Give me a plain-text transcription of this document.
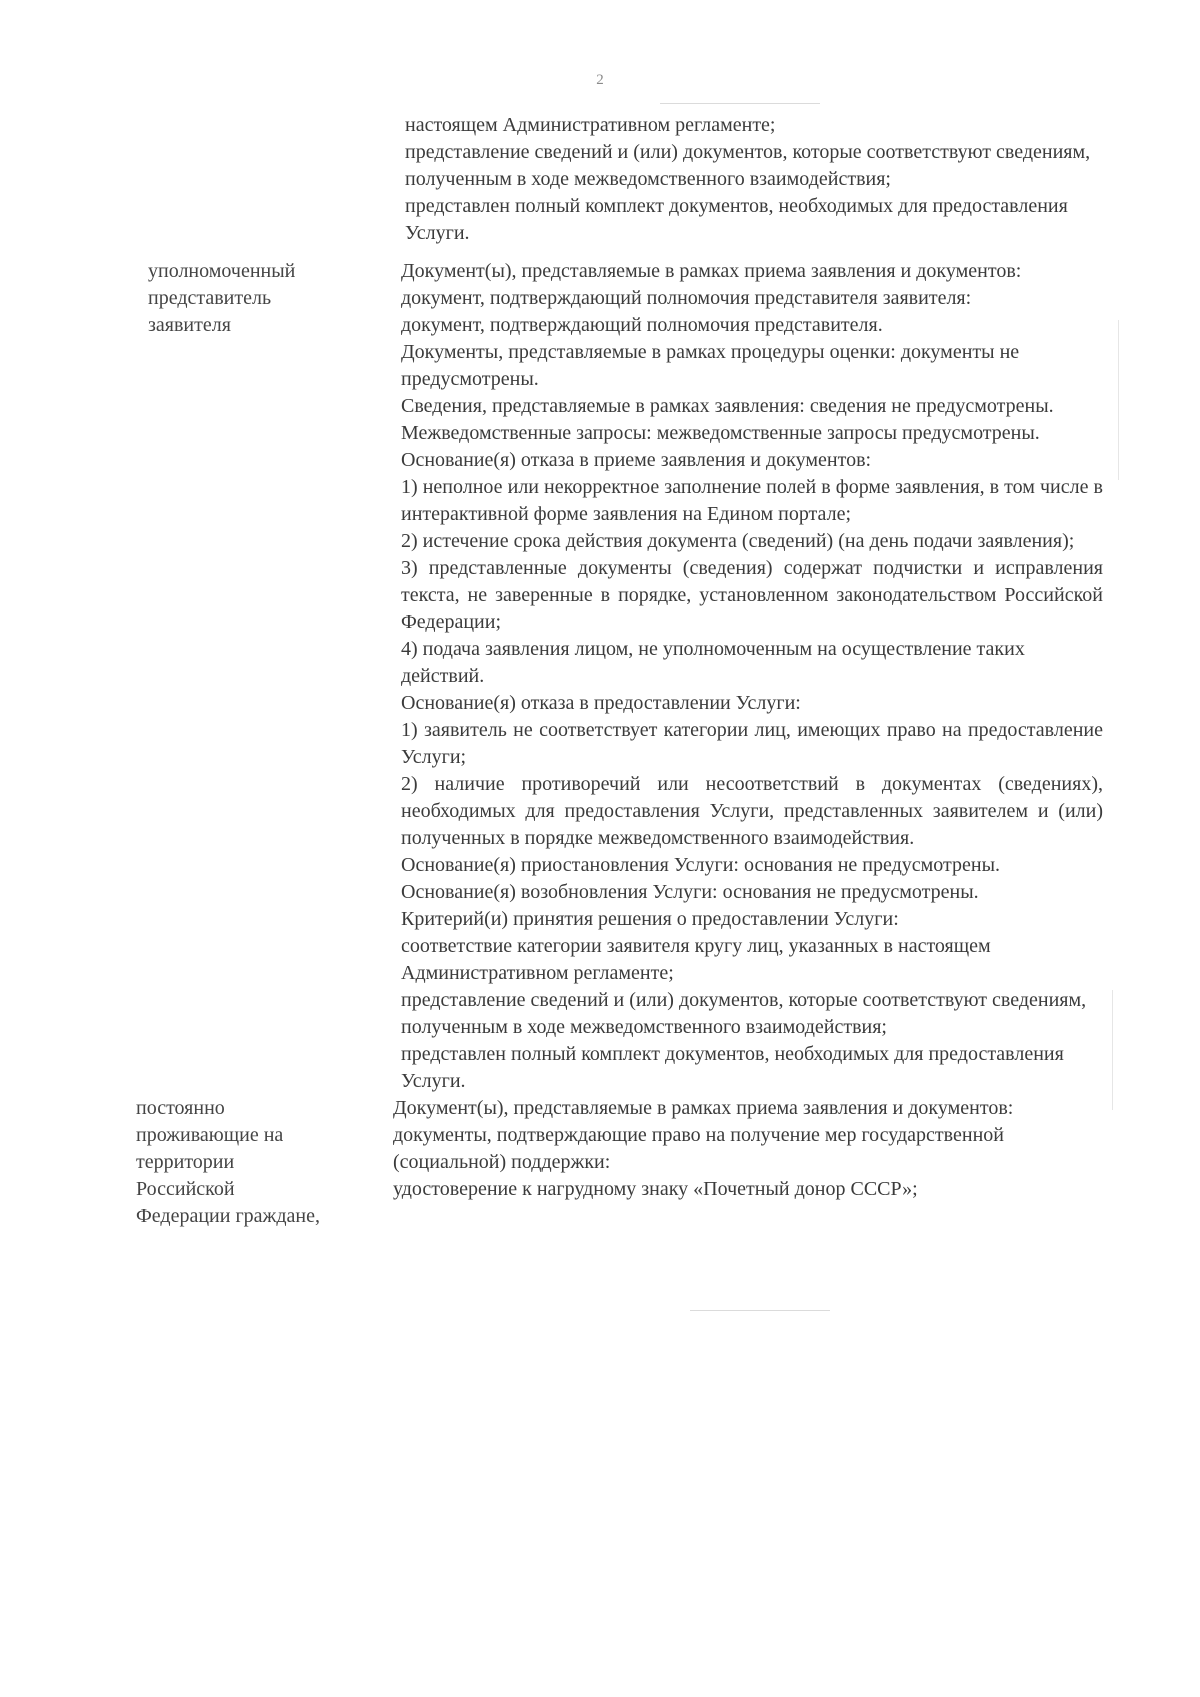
2
уполномоченный
представитель
заявителя
постоянно
проживающие на
территории
Российской
Федерации граждане,

настоящем Административном регламенте;

представление сведений и (или) документов, которые соответствуют сведениям, полученным в ходе межведомственного взаимодействия;

представлен полный комплект документов, необходимых для предоставления Услуги.

Документ(ы), представляемые в рамках приема заявления и документов:

документ, подтверждающий полномочия представителя заявителя:

документ, подтверждающий полномочия представителя.

Документы, представляемые в рамках процедуры оценки: документы не предусмотрены.

Сведения, представляемые в рамках заявления: сведения не предусмотрены.

Межведомственные запросы: межведомственные запросы предусмотрены.

Основание(я) отказа в приеме заявления и документов:

1) неполное или некорректное заполнение полей в форме заявления, в том числе в интерактивной форме заявления на Едином портале;

2) истечение срока действия документа (сведений) (на день подачи заявления);

3) представленные документы (сведения) содержат подчистки и исправления текста, не заверенные в порядке, установленном законодательством Российской Федерации;

4) подача заявления лицом, не уполномоченным на осуществление таких действий.

Основание(я) отказа в предоставлении Услуги:

1) заявитель не соответствует категории лиц, имеющих право на предоставление Услуги;

2) наличие противоречий или несоответствий в документах (сведениях), необходимых для предоставления Услуги, представленных заявителем и (или) полученных в порядке межведомственного взаимодействия.

Основание(я) приостановления Услуги: основания не предусмотрены.

Основание(я) возобновления Услуги: основания не предусмотрены.

Критерий(и) принятия решения о предоставлении Услуги:

соответствие категории заявителя кругу лиц, указанных в настоящем Административном регламенте;

представление сведений и (или) документов, которые соответствуют сведениям, полученным в ходе межведомственного взаимодействия;

представлен полный комплект документов, необходимых для предоставления Услуги.

Документ(ы), представляемые в рамках приема заявления и документов:

документы, подтверждающие право на получение мер государственной (социальной) поддержки:

удостоверение к нагрудному знаку «Почетный донор СССР»;
